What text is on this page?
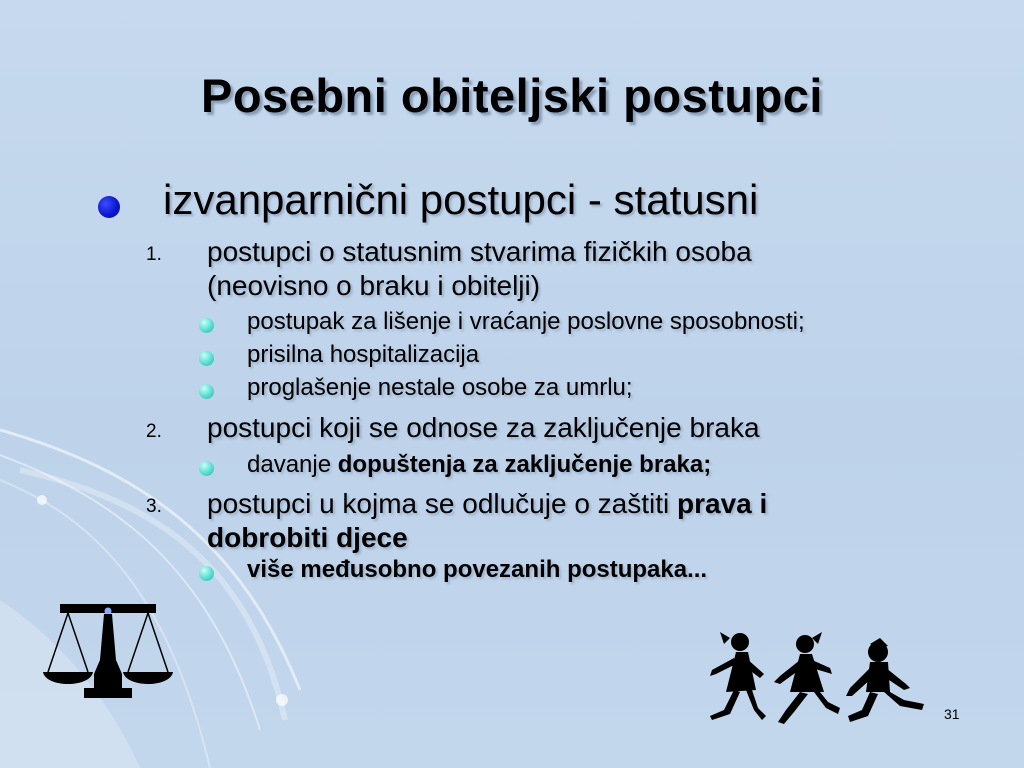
Posebni obiteljski postupci
izvanparnični postupci - statusni
1. postupci o statusnim stvarima fizičkih osoba
(neovisno o braku i obitelji)
postupak za lišenje i vraćanje poslovne sposobnosti;
prisilna hospitalizacija
proglašenje nestale osobe za umrlu;
2. postupci koji se odnose za zaključenje braka
davanje dopuštenja za zaključenje braka;
3. postupci u kojma se odlučuje o zaštiti prava i
dobrobiti djece
više međusobno povezanih postupaka...
31
